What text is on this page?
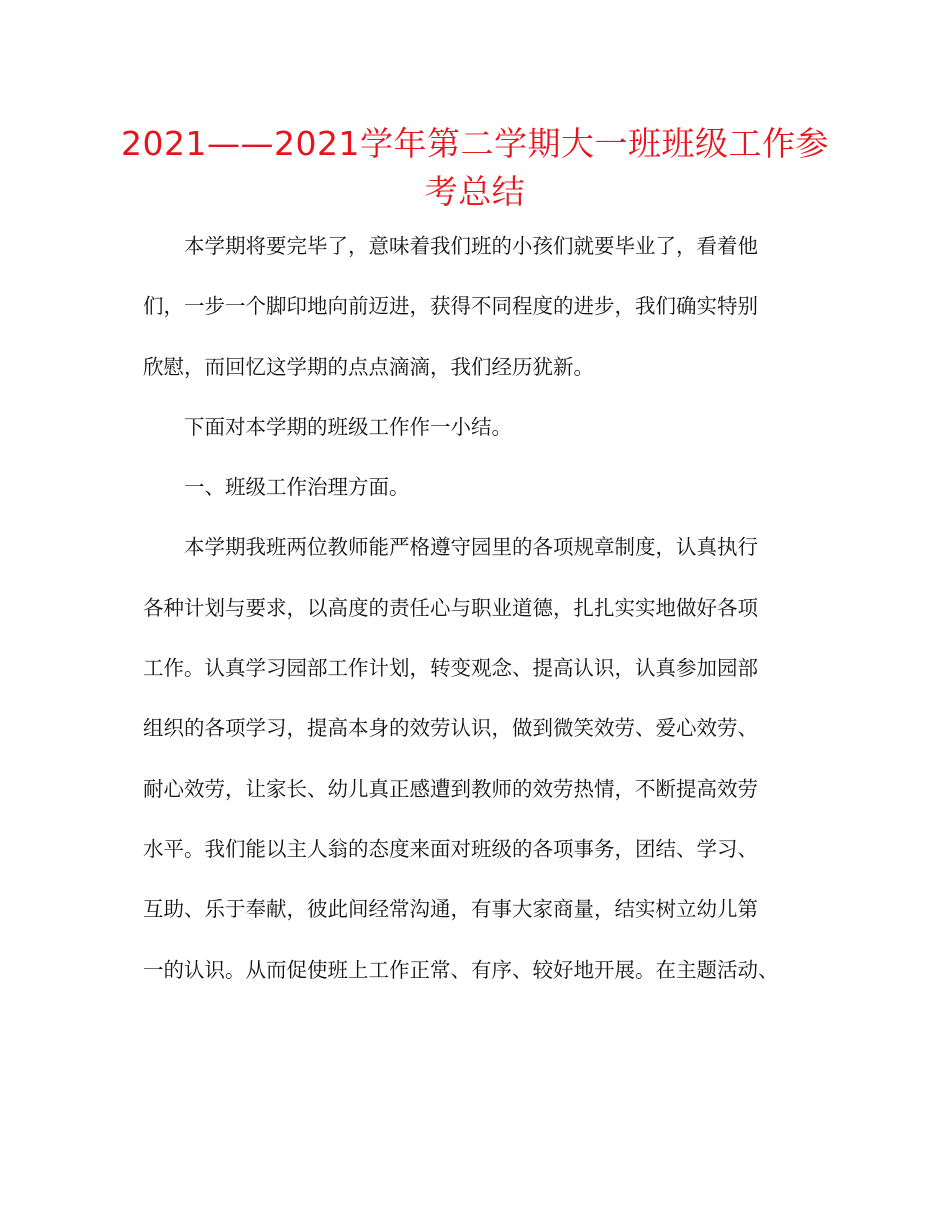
2021——2021学年第二学期大一班班级工作参
考总结
本学期将要完毕了，意味着我们班的小孩们就要毕业了，看着他
们，一步一个脚印地向前迈进，获得不同程度的进步，我们确实特别
欣慰，而回忆这学期的点点滴滴，我们经历犹新。
下面对本学期的班级工作作一小结。
一、班级工作治理方面。
本学期我班两位教师能严格遵守园里的各项规章制度，认真执行
各种计划与要求，以高度的责任心与职业道德，扎扎实实地做好各项
工作。认真学习园部工作计划，转变观念、提高认识，认真参加园部
组织的各项学习，提高本身的效劳认识，做到微笑效劳、爱心效劳、
耐心效劳，让家长、幼儿真正感遭到教师的效劳热情，不断提高效劳
水平。我们能以主人翁的态度来面对班级的各项事务，团结、学习、
互助、乐于奉献，彼此间经常沟通，有事大家商量，结实树立幼儿第
一的认识。从而促使班上工作正常、有序、较好地开展。在主题活动、
